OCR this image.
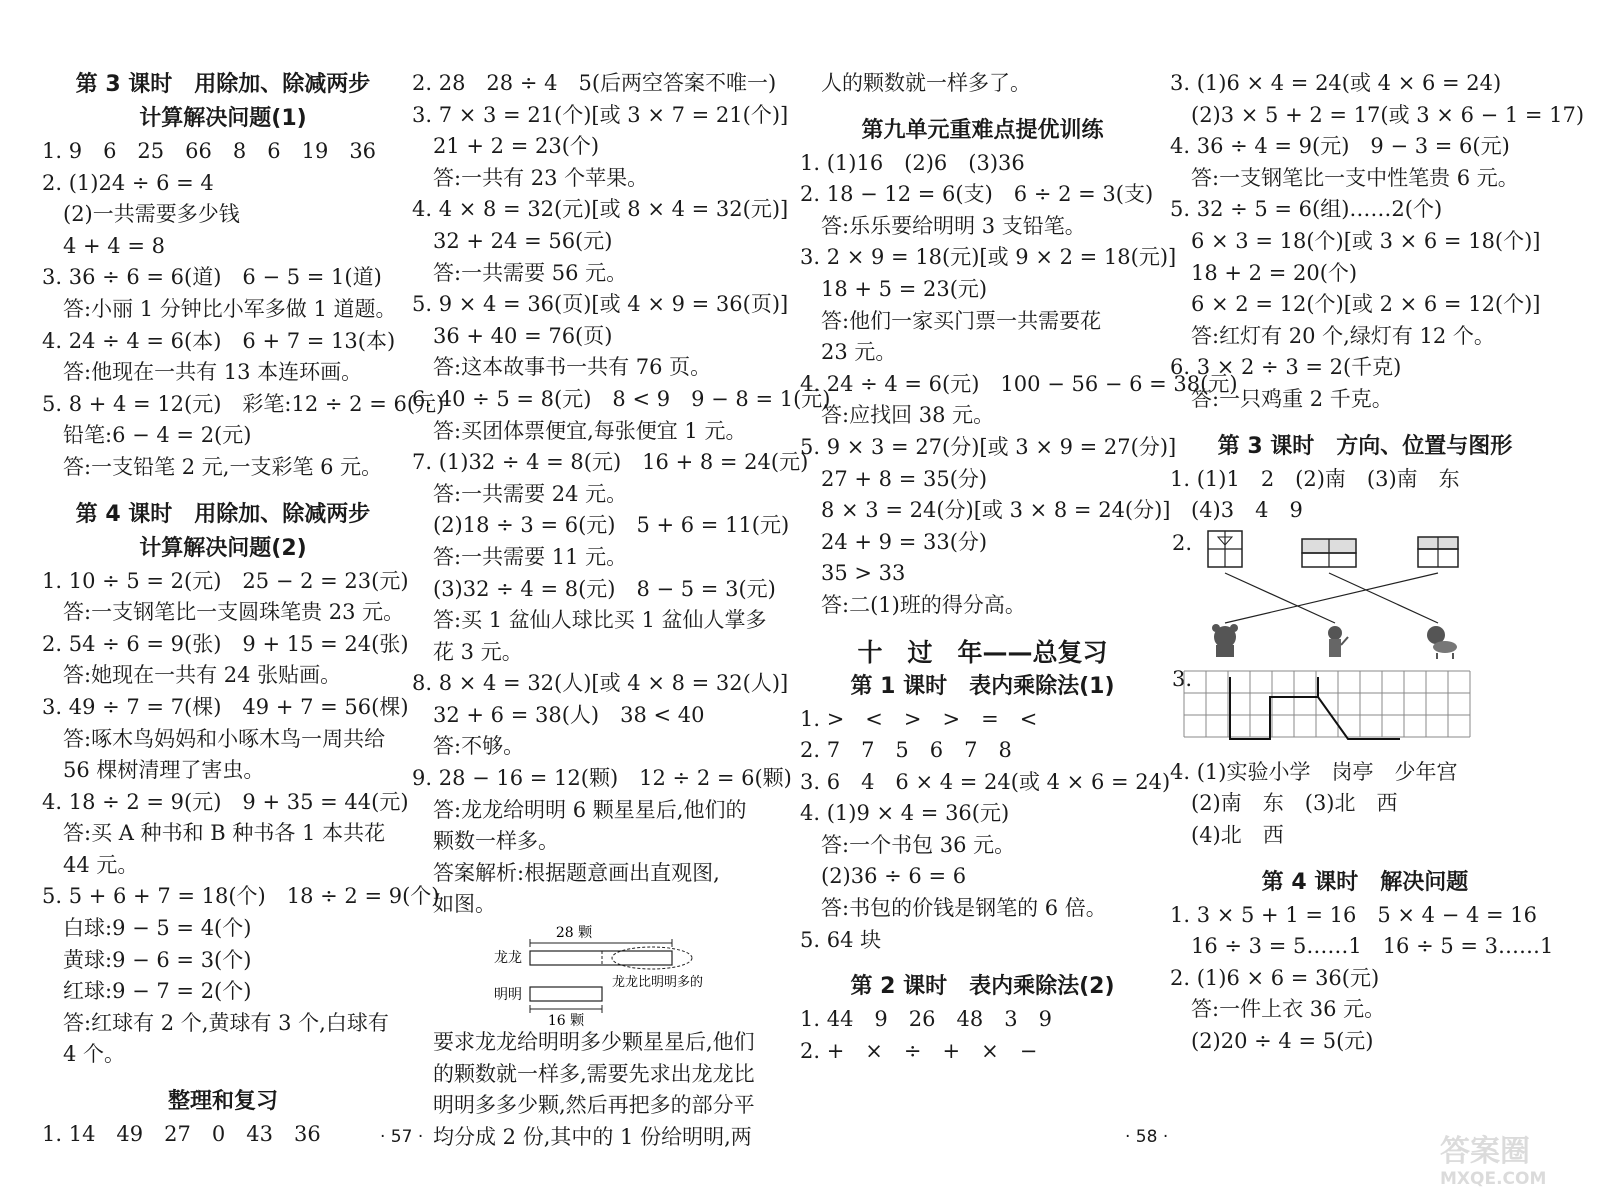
第 3 课时　用除加、除减两步
计算解决问题(1)
1. 9　6　25　66　8　6　19　36
2. (1)24 ÷ 6 = 4
　(2)一共需要多少钱
　4 + 4 = 8
3. 36 ÷ 6 = 6(道)　6 − 5 = 1(道)
　答:小丽 1 分钟比小军多做 1 道题。
4. 24 ÷ 4 = 6(本)　6 + 7 = 13(本)
　答:他现在一共有 13 本连环画。
5. 8 + 4 = 12(元)　彩笔:12 ÷ 2 = 6(元)
　铅笔:6 − 4 = 2(元)
　答:一支铅笔 2 元,一支彩笔 6 元。
第 4 课时　用除加、除减两步
计算解决问题(2)
1. 10 ÷ 5 = 2(元)　25 − 2 = 23(元)
　答:一支钢笔比一支圆珠笔贵 23 元。
2. 54 ÷ 6 = 9(张)　9 + 15 = 24(张)
　答:她现在一共有 24 张贴画。
3. 49 ÷ 7 = 7(棵)　49 + 7 = 56(棵)
　答:啄木鸟妈妈和小啄木鸟一周共给
　56 棵树清理了害虫。
4. 18 ÷ 2 = 9(元)　9 + 35 = 44(元)
　答:买 A 种书和 B 种书各 1 本共花
　44 元。
5. 5 + 6 + 7 = 18(个)　18 ÷ 2 = 9(个)
　白球:9 − 5 = 4(个)
　黄球:9 − 6 = 3(个)
　红球:9 − 7 = 2(个)
　答:红球有 2 个,黄球有 3 个,白球有
　4 个。
整理和复习
1. 14　49　27　0　43　36
2. 28　28 ÷ 4　5(后两空答案不唯一)
3. 7 × 3 = 21(个)[或 3 × 7 = 21(个)]
　21 + 2 = 23(个)
　答:一共有 23 个苹果。
4. 4 × 8 = 32(元)[或 8 × 4 = 32(元)]
　32 + 24 = 56(元)
　答:一共需要 56 元。
5. 9 × 4 = 36(页)[或 4 × 9 = 36(页)]
　36 + 40 = 76(页)
　答:这本故事书一共有 76 页。
6. 40 ÷ 5 = 8(元)　8 < 9　9 − 8 = 1(元)
　答:买团体票便宜,每张便宜 1 元。
7. (1)32 ÷ 4 = 8(元)　16 + 8 = 24(元)
　答:一共需要 24 元。
　(2)18 ÷ 3 = 6(元)　5 + 6 = 11(元)
　答:一共需要 11 元。
　(3)32 ÷ 4 = 8(元)　8 − 5 = 3(元)
　答:买 1 盆仙人球比买 1 盆仙人掌多
　花 3 元。
8. 8 × 4 = 32(人)[或 4 × 8 = 32(人)]
　32 + 6 = 38(人)　38 < 40
　答:不够。
9. 28 − 16 = 12(颗)　12 ÷ 2 = 6(颗)
　答:龙龙给明明 6 颗星星后,他们的
　颗数一样多。
　答案解析:根据题意画出直观图,
　如图。
28 颗
龙龙
龙龙比明明多的
明明
16 颗
　要求龙龙给明明多少颗星星后,他们
　的颗数就一样多,需要先求出龙龙比
　明明多多少颗,然后再把多的部分平
　均分成 2 份,其中的 1 份给明明,两
　人的颗数就一样多了。
第九单元重难点提优训练
1. (1)16　(2)6　(3)36
2. 18 − 12 = 6(支)　6 ÷ 2 = 3(支)
　答:乐乐要给明明 3 支铅笔。
3. 2 × 9 = 18(元)[或 9 × 2 = 18(元)]
　18 + 5 = 23(元)
　答:他们一家买门票一共需要花
　23 元。
4. 24 ÷ 4 = 6(元)　100 − 56 − 6 = 38(元)
　答:应找回 38 元。
5. 9 × 3 = 27(分)[或 3 × 9 = 27(分)]
　27 + 8 = 35(分)
　8 × 3 = 24(分)[或 3 × 8 = 24(分)]
　24 + 9 = 33(分)
　35 > 33
　答:二(1)班的得分高。
十　过　年——总复习
第 1 课时　表内乘除法(1)
1. >　<　>　>　=　<
2. 7　7　5　6　7　8
3. 6　4　6 × 4 = 24(或 4 × 6 = 24)
4. (1)9 × 4 = 36(元)
　答:一个书包 36 元。
　(2)36 ÷ 6 = 6
　答:书包的价钱是钢笔的 6 倍。
5. 64 块
第 2 课时　表内乘除法(2)
1. 44　9　26　48　3　9
2. +　×　÷　+　×　−
3. (1)6 × 4 = 24(或 4 × 6 = 24)
　(2)3 × 5 + 2 = 17(或 3 × 6 − 1 = 17)
4. 36 ÷ 4 = 9(元)　9 − 3 = 6(元)
　答:一支钢笔比一支中性笔贵 6 元。
5. 32 ÷ 5 = 6(组)……2(个)
　6 × 3 = 18(个)[或 3 × 6 = 18(个)]
　18 + 2 = 20(个)
　6 × 2 = 12(个)[或 2 × 6 = 12(个)]
　答:红灯有 20 个,绿灯有 12 个。
6. 3 × 2 ÷ 3 = 2(千克)
　答:一只鸡重 2 千克。
第 3 课时　方向、位置与图形
1. (1)1　2　(2)南　(3)南　东
　(4)3　4　9
2.
3.
4. (1)实验小学　岗亭　少年宫
　(2)南　东　(3)北　西
　(4)北　西
第 4 课时　解决问题
1. 3 × 5 + 1 = 16　5 × 4 − 4 = 16
　16 ÷ 3 = 5……1　16 ÷ 5 = 3……1
2. (1)6 × 6 = 36(元)
　答:一件上衣 36 元。
　(2)20 ÷ 4 = 5(元)
· 57 ·	· 58 ·	答案圈
MXQE.COM
